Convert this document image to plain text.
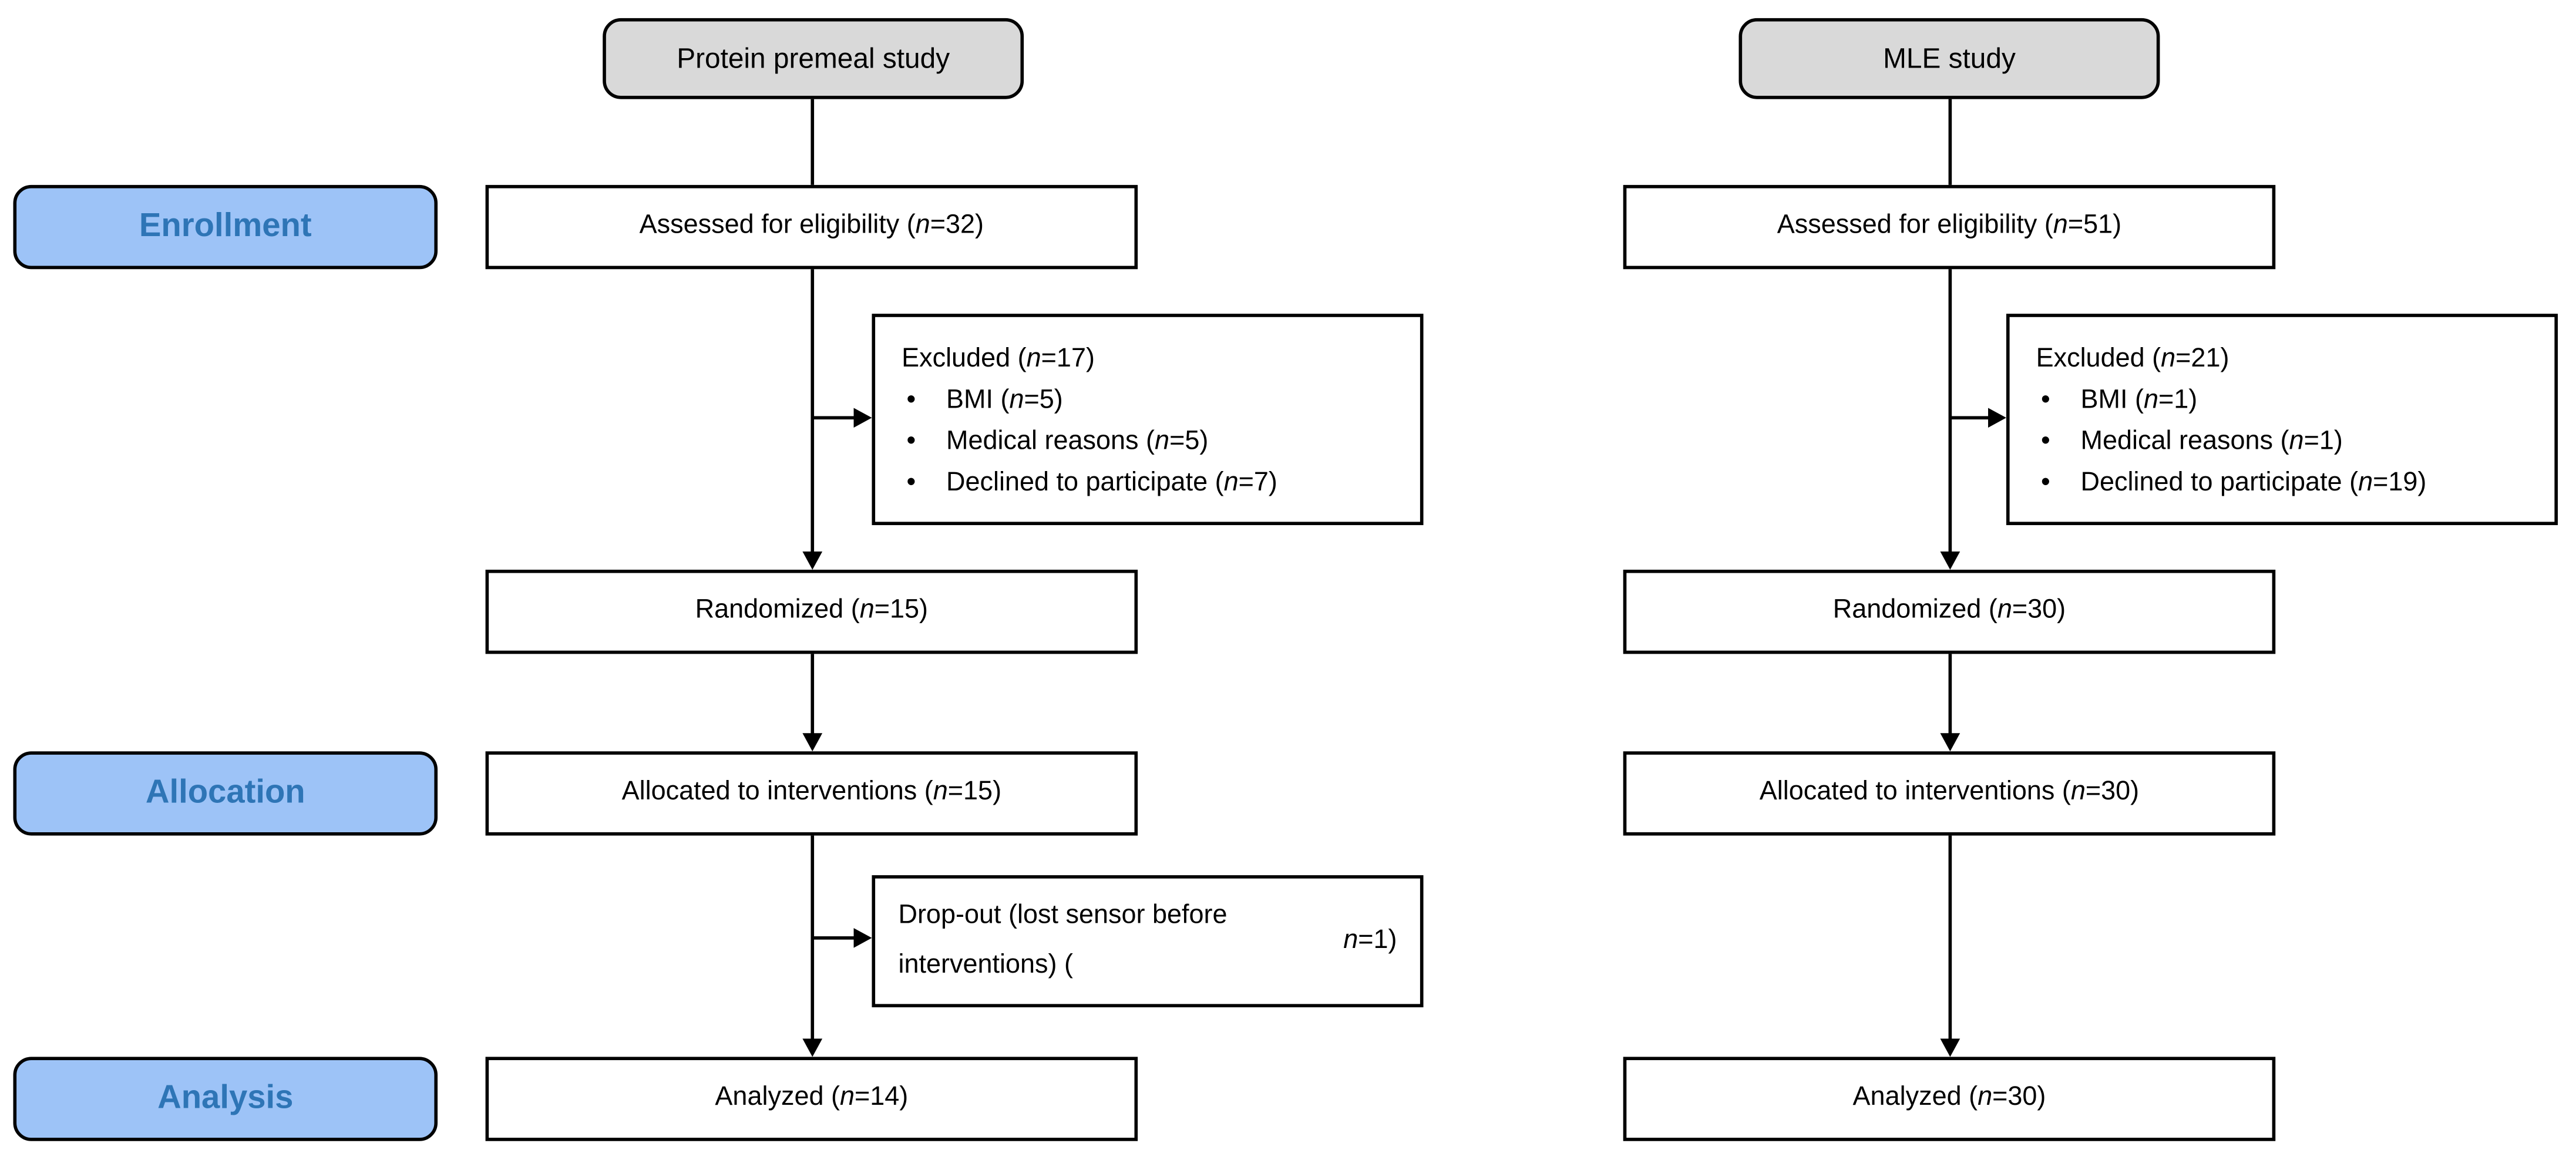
Enrollment
Allocation
Analysis
Protein premeal study
Assessed for eligibility ( n =32)
Excluded (n=17)
• BMI (n=5)
• Medical reasons (n=5)
• Declined to participate (n=7)
Randomized ( n =15)
Allocated to interventions ( n =15)
Drop-out (lost sensor before interventions) (
n =1)
Analyzed ( n =14)
MLE study
Assessed for eligibility ( n =51)
Excluded (n=21)
• BMI (n=1)
• Medical reasons (n=1)
• Declined to participate (n=19)
Randomized ( n =30)
Allocated to interventions ( n =30)
Analyzed ( n =30)
